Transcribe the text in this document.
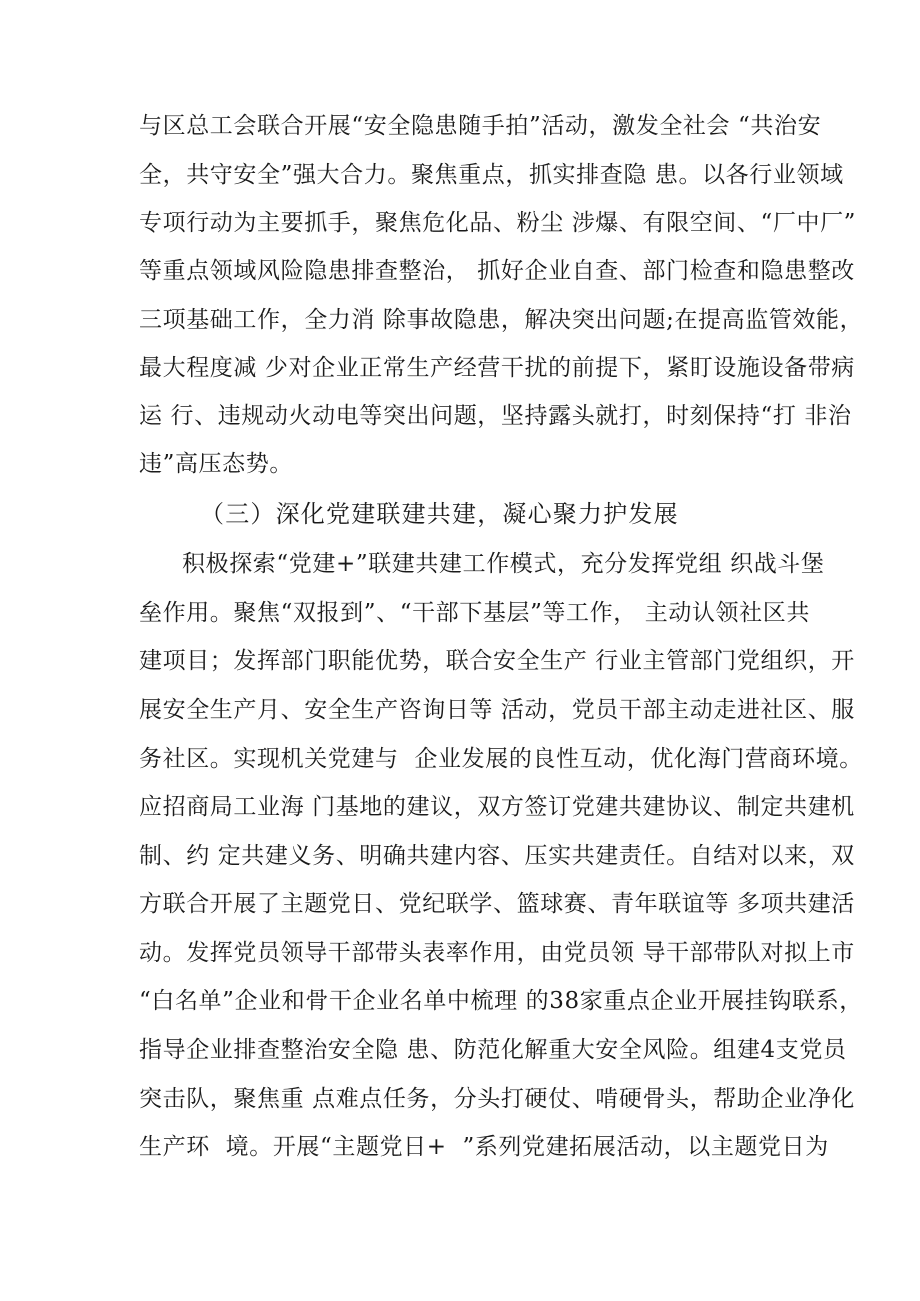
与区总工会联合开展“安全隐患随手拍”活动，激发全社会 “共治安
全，共守安全”强大合力。聚焦重点，抓实排查隐 患。以各行业领域
专项行动为主要抓手，聚焦危化品、粉尘 涉爆、有限空间、“厂中厂”
等重点领域风险隐患排查整治， 抓好企业自查、部门检查和隐患整改
三项基础工作，全力消 除事故隐患，解决突出问题;在提高监管效能，
最大程度减 少对企业正常生产经营干扰的前提下，紧盯设施设备带病
运 行、违规动火动电等突出问题，坚持露头就打，时刻保持“打 非治
违”高压态势。
（三）深化党建联建共建，凝心聚力护发展
积极探索“党建+”联建共建工作模式，充分发挥党组 织战斗堡
垒作用。聚焦“双报到”、“干部下基层”等工作， 主动认领社区共
建项目；发挥部门职能优势，联合安全生产 行业主管部门党组织，开
展安全生产月、安全生产咨询日等 活动，党员干部主动走进社区、服
务社区。实现机关党建与  企业发展的良性互动，优化海门营商环境。
应招商局工业海 门基地的建议，双方签订党建共建协议、制定共建机
制、约 定共建义务、明确共建内容、压实共建责任。自结对以来，双
方联合开展了主题党日、党纪联学、篮球赛、青年联谊等 多项共建活
动。发挥党员领导干部带头表率作用，由党员领 导干部带队对拟上市
“白名单”企业和骨干企业名单中梳理 的38家重点企业开展挂钩联系，
指导企业排查整治安全隐 患、防范化解重大安全风险。组建4支党员
突击队，聚焦重 点难点任务，分头打硬仗、啃硬骨头，帮助企业净化
生产环  境。开展“主题党日+  ”系列党建拓展活动，以主题党日为
